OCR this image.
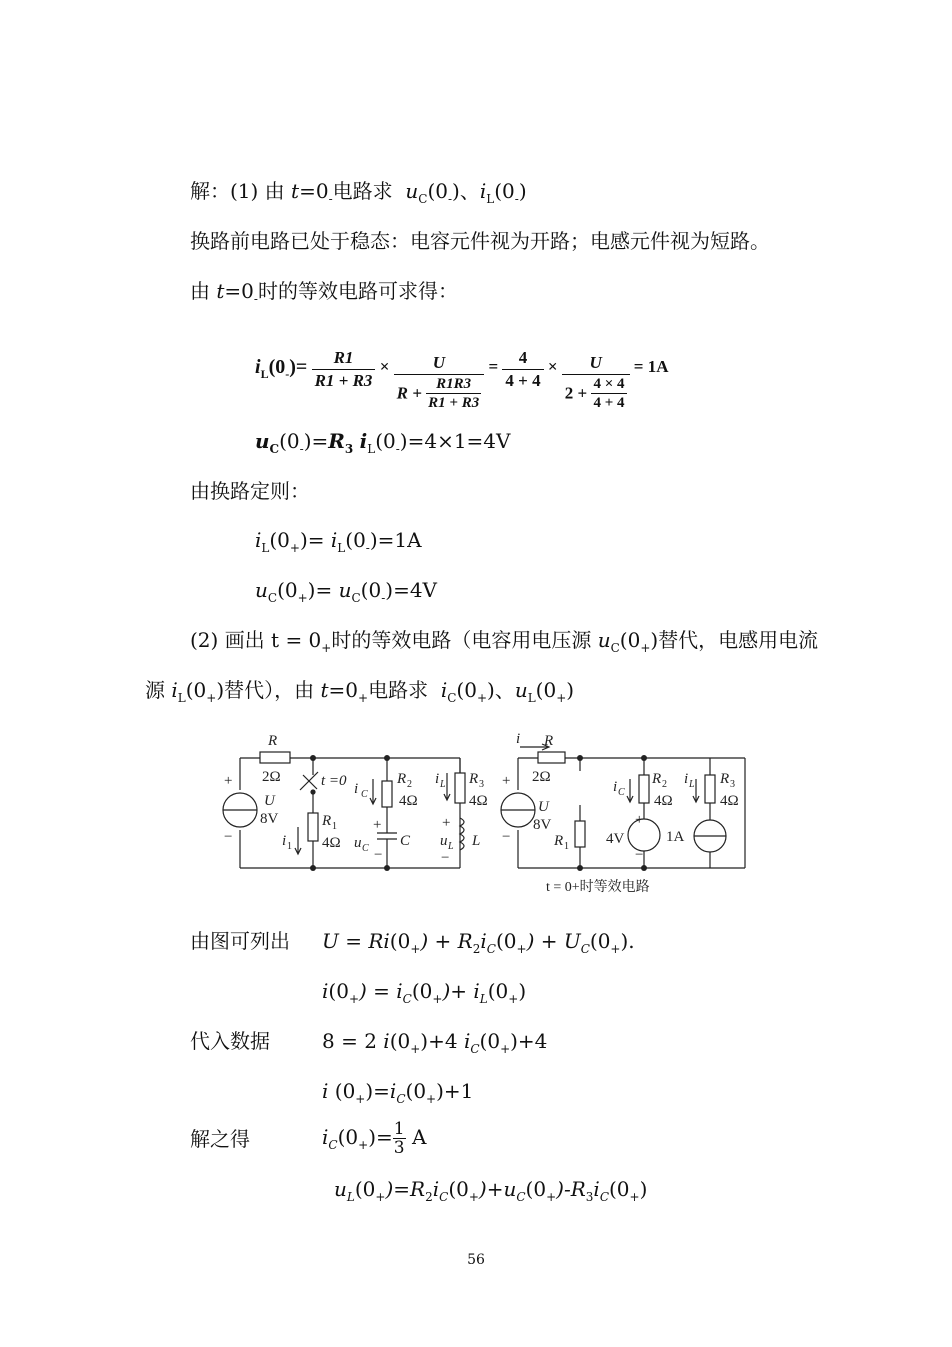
解：(1) 由 $t=0_-$电路求 $u_C(0_-)$、$i_L(0_-)$
换路前电路已处于稳态：电容元件视为开路；电感元件视为短路。
由 $t=0_-$时的等效电路可求得：
$i_L(0_-)= \frac{R1}{R1 + R3} \times \frac{U}{R + \frac{R1R3}{R1 + R3}} = \frac{4}{4 + 4} \times \frac{U}{2 + \frac{4 \times 4}{4 + 4}} = 1A$
$u_C(0_-)=R_3$ $i_L(0_-)=4\times 1=4V$
由换路定则：
$i_L(0_+)= i_L(0_-)=1A$
$u_C(0_+)= u_C(0_-)=4V$
(2) 画出 $t = 0_+$时的等效电路（电容用电压源 $u_C(0_+)$替代，电感用电流
源 $i_L(0_+)$替代），由 $t=0_+$电路求 $i_C(0_+)$、$u_L(0_+)$
R
2Ω
+
U
8V
−
t =0 i C
R 2
4Ω
i L R 3
4Ω
R 1
4Ω
i 1
+
u C −
C
+
u L
−
L
i R
2Ω
+
U
8V
−	R 1
i C
R 2
4Ω
i L R 3
4Ω
+
4V
−
1A
t = 0+时等效电路
由图可列出 $U = Ri(0_+) + R_2i_C(0_+) + U_C(0_+)$.
$i(0_+) = i_C(0_+)+ i_L(0_+)$
代入数据	8 = 2 $i(0_+)+4$ $i_C(0_+)+4$
i $(0_+)=i_C(0_+)+1$
解之得	$i_C(0_+)= \frac{1}{3}$ A
$u_L(0_+)=R_2i_C(0_+)+u_C(0_+)-R_3i_C(0_+)$
56
